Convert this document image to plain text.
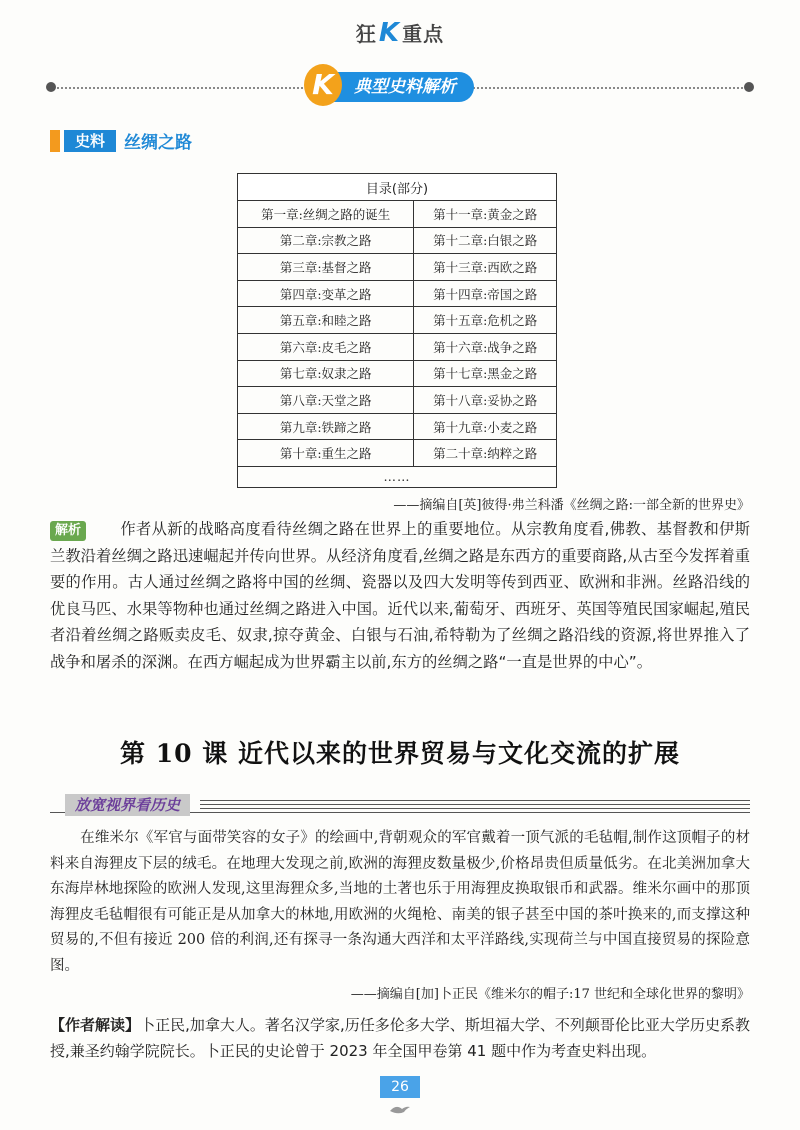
狂K 重点
典型史料解析
K
史料	丝绸之路
目录(部分)	
第一章:丝绸之路的诞生	第十一章:黄金之路
第二章:宗教之路	第十二章:白银之路
第三章:基督之路	第十三章:西欧之路
第四章:变革之路	第十四章:帝国之路
第五章:和睦之路	第十五章:危机之路
第六章:皮毛之路	第十六章:战争之路
第七章:奴隶之路	第十七章:黑金之路
第八章:天堂之路	第十八章:妥协之路
第九章:铁蹄之路	第十九章:小麦之路
第十章:重生之路	第二十章:纳粹之路
……	
——摘编自[英]彼得·弗兰科潘《丝绸之路:一部全新的世界史》
解析	作者从新的战略高度看待丝绸之路在世界上的重要地位。从宗教角度看,佛教、基督教和伊斯兰教沿着丝绸之路迅速崛起并传向世界。从经济角度看,丝绸之路是东西方的重要商路,从古至今发挥着重要的作用。古人通过丝绸之路将中国的丝绸、瓷器以及四大发明等传到西亚、欧洲和非洲。丝路沿线的优良马匹、水果等物种也通过丝绸之路进入中国。近代以来,葡萄牙、西班牙、英国等殖民国家崛起,殖民者沿着丝绸之路贩卖皮毛、奴隶,掠夺黄金、白银与石油,希特勒为了丝绸之路沿线的资源,将世界推入了战争和屠杀的深渊。在西方崛起成为世界霸主以前,东方的丝绸之路“一直是世界的中心”。
第 10 课 近代以来的世界贸易与文化交流的扩展
放宽视界看历史
在维米尔《军官与面带笑容的女子》的绘画中,背朝观众的军官戴着一顶气派的毛毡帽,制作这顶帽子的材料来自海狸皮下层的绒毛。在地理大发现之前,欧洲的海狸皮数量极少,价格昂贵但质量低劣。在北美洲加拿大东海岸林地探险的欧洲人发现,这里海狸众多,当地的土著也乐于用海狸皮换取银币和武器。维米尔画中的那顶海狸皮毛毡帽很有可能正是从加拿大的林地,用欧洲的火绳枪、南美的银子甚至中国的茶叶换来的,而支撑这种贸易的,不但有接近 200 倍的利润,还有探寻一条沟通大西洋和太平洋路线,实现荷兰与中国直接贸易的探险意图。
——摘编自[加]卜正民《维米尔的帽子:17 世纪和全球化世界的黎明》
【作者解读】卜正民,加拿大人。著名汉学家,历任多伦多大学、斯坦福大学、不列颠哥伦比亚大学历史系教授,兼圣约翰学院院长。卜正民的史论曾于 2023 年全国甲卷第 41 题中作为考查史料出现。
26
